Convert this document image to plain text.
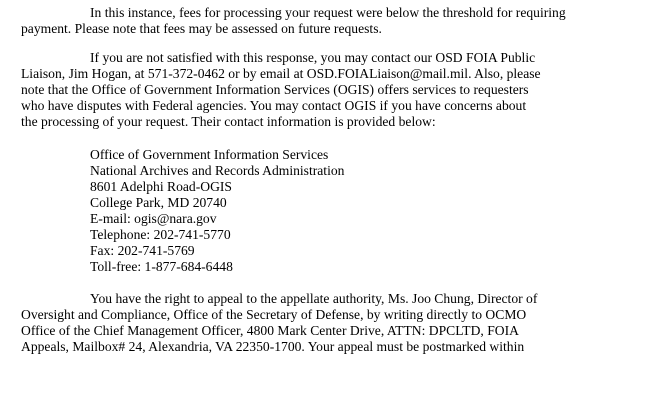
In this instance, fees for processing your request were below the threshold for requiring
payment. Please note that fees may be assessed on future requests.
If you are not satisfied with this response, you may contact our OSD FOIA Public
Liaison, Jim Hogan, at 571-372-0462 or by email at OSD.FOIALiaison@mail.mil. Also, please
note that the Office of Government Information Services (OGIS) offers services to requesters
who have disputes with Federal agencies. You may contact OGIS if you have concerns about
the processing of your request. Their contact information is provided below:
Office of Government Information Services
National Archives and Records Administration
8601 Adelphi Road-OGIS
College Park, MD 20740
E-mail: ogis@nara.gov
Telephone: 202-741-5770
Fax: 202-741-5769
Toll-free: 1-877-684-6448
You have the right to appeal to the appellate authority, Ms. Joo Chung, Director of
Oversight and Compliance, Office of the Secretary of Defense, by writing directly to OCMO
Office of the Chief Management Officer, 4800 Mark Center Drive, ATTN: DPCLTD, FOIA
Appeals, Mailbox# 24, Alexandria, VA 22350-1700. Your appeal must be postmarked within
